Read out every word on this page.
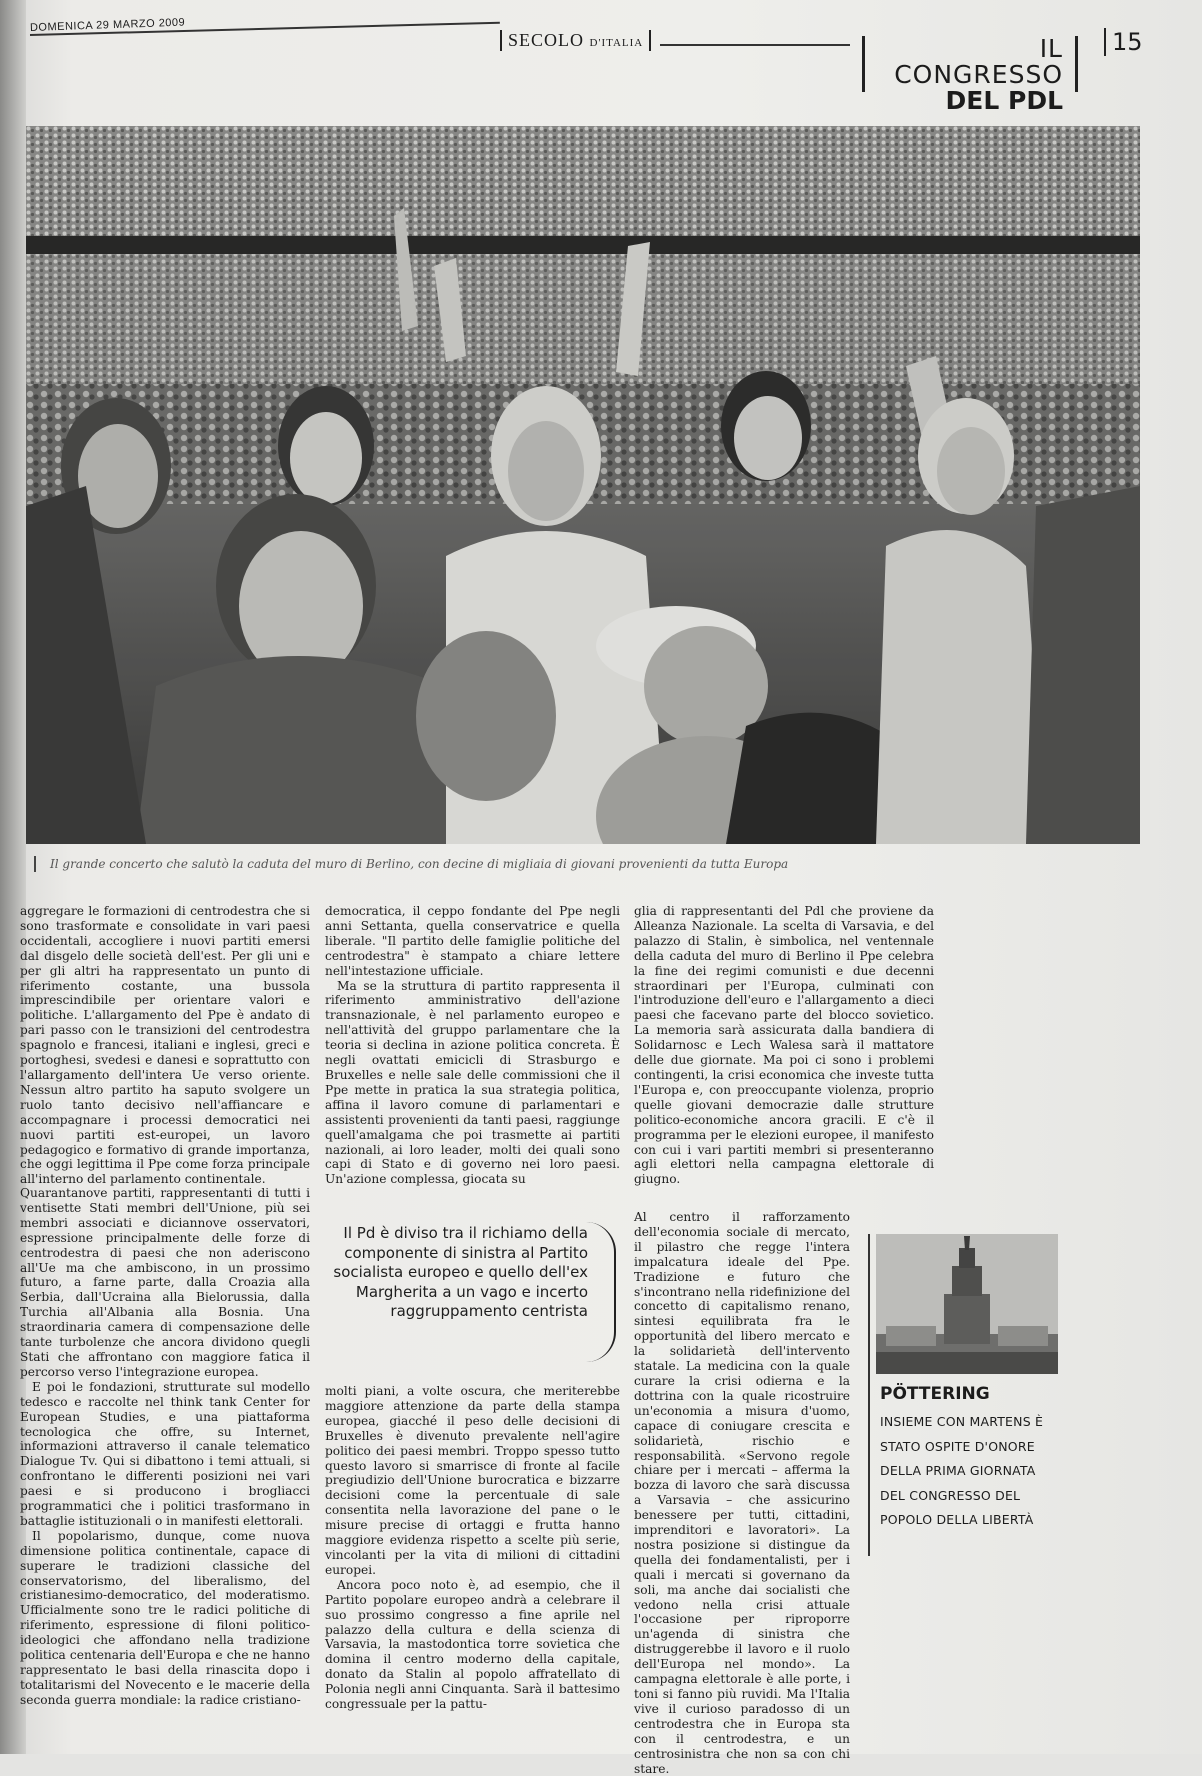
DOMENICA 29 MARZO 2009
SECOLO D'ITALIA	IL CONGRESSO
DEL PDL
15
Il grande concerto che salutò la caduta del muro di Berlino, con decine di migliaia di giovani provenienti da tutta Europa

aggregare le formazioni di centrodestra che si sono trasformate e consolidate in vari paesi occidentali, accogliere i nuovi partiti emersi dal disgelo delle società dell'est. Per gli uni e per gli altri ha rappresentato un punto di riferimento costante, una bussola imprescindibile per orientare valori e politiche. L'allargamento del Ppe è andato di pari passo con le transizioni del centrodestra spagnolo e francesi, italiani e inglesi, greci e portoghesi, svedesi e danesi e soprattutto con l'allargamento dell'intera Ue verso oriente. Nessun altro partito ha saputo svolgere un ruolo tanto decisivo nell'affiancare e accompagnare i processi democratici nei nuovi partiti est-europei, un lavoro pedagogico e formativo di grande importanza, che oggi legittima il Ppe come forza principale all'interno del parlamento continentale.

Quarantanove partiti, rappresentanti di tutti i ventisette Stati membri dell'Unione, più sei membri associati e diciannove osservatori, espressione principalmente delle forze di centrodestra di paesi che non aderiscono all'Ue ma che ambiscono, in un prossimo futuro, a farne parte, dalla Croazia alla Serbia, dall'Ucraina alla Bielorussia, dalla Turchia all'Albania alla Bosnia. Una straordinaria camera di compensazione delle tante turbolenze che ancora dividono quegli Stati che affrontano con maggiore fatica il percorso verso l'integrazione europea.

E poi le fondazioni, strutturate sul modello tedesco e raccolte nel think tank Center for European Studies, e una piattaforma tecnologica che offre, su Internet, informazioni attraverso il canale telematico Dialogue Tv. Qui si dibattono i temi attuali, si confrontano le differenti posizioni nei vari paesi e si producono i brogliacci programmatici che i politici trasformano in battaglie istituzionali o in manifesti elettorali.

Il popolarismo, dunque, come nuova dimensione politica continentale, capace di superare le tradizioni classiche del conservatorismo, del liberalismo, del cristianesimo-democratico, del moderatismo. Ufficialmente sono tre le radici politiche di riferimento, espressione di filoni politico-ideologici che affondano nella tradizione politica centenaria dell'Europa e che ne hanno rappresentato le basi della rinascita dopo i totalitarismi del Novecento e le macerie della seconda guerra mondiale: la radice cristiano-

democratica, il ceppo fondante del Ppe negli anni Settanta, quella conservatrice e quella liberale. "Il partito delle famiglie politiche del centrodestra" è stampato a chiare lettere nell'intestazione ufficiale.

Ma se la struttura di partito rappresenta il riferimento amministrativo dell'azione transnazionale, è nel parlamento europeo e nell'attività del gruppo parlamentare che la teoria si declina in azione politica concreta. È negli ovattati emicicli di Strasburgo e Bruxelles e nelle sale delle commissioni che il Ppe mette in pratica la sua strategia politica, affina il lavoro comune di parlamentari e assistenti provenienti da tanti paesi, raggiunge quell'amalgama che poi trasmette ai partiti nazionali, ai loro leader, molti dei quali sono capi di Stato e di governo nei loro paesi. Un'azione complessa, giocata su

Il Pd è diviso tra il richiamo della componente di sinistra al Partito socialista europeo e quello dell'ex Margherita a un vago e incerto raggruppamento centrista

molti piani, a volte oscura, che meriterebbe maggiore attenzione da parte della stampa europea, giacché il peso delle decisioni di Bruxelles è divenuto prevalente nell'agire politico dei paesi membri. Troppo spesso tutto questo lavoro si smarrisce di fronte al facile pregiudizio dell'Unione burocratica e bizzarre decisioni come la percentuale di sale consentita nella lavorazione del pane o le misure precise di ortaggi e frutta hanno maggiore evidenza rispetto a scelte più serie, vincolanti per la vita di milioni di cittadini europei.

Ancora poco noto è, ad esempio, che il Partito popolare europeo andrà a celebrare il suo prossimo congresso a fine aprile nel palazzo della cultura e della scienza di Varsavia, la mastodontica torre sovietica che domina il centro moderno della capitale, donato da Stalin al popolo affratellato di Polonia negli anni Cinquanta. Sarà il battesimo congressuale per la pattu-

glia di rappresentanti del Pdl che proviene da Alleanza Nazionale. La scelta di Varsavia, e del palazzo di Stalin, è simbolica, nel ventennale della caduta del muro di Berlino il Ppe celebra la fine dei regimi comunisti e due decenni straordinari per l'Europa, culminati con l'introduzione dell'euro e l'allargamento a dieci paesi che facevano parte del blocco sovietico. La memoria sarà assicurata dalla bandiera di Solidarnosc e Lech Walesa sarà il mattatore delle due giornate. Ma poi ci sono i problemi contingenti, la crisi economica che investe tutta l'Europa e, con preoccupante violenza, proprio quelle giovani democrazie dalle strutture politico-economiche ancora gracili. E c'è il programma per le elezioni europee, il manifesto con cui i vari partiti membri si presenteranno agli elettori nella campagna elettorale di giugno.

Al centro il rafforzamento dell'economia sociale di mercato, il pilastro che regge l'intera impalcatura ideale del Ppe. Tradizione e futuro che s'incontrano nella ridefinizione del concetto di capitalismo renano, sintesi equilibrata fra le opportunità del libero mercato e la solidarietà dell'intervento statale. La medicina con la quale curare la crisi odierna e la dottrina con la quale ricostruire un'economia a misura d'uomo, capace di coniugare crescita e solidarietà, rischio e responsabilità. «Servono regole chiare per i mercati – afferma la bozza di lavoro che sarà discussa a Varsavia – che assicurino benessere per tutti, cittadini, imprenditori e lavoratori». La nostra posizione si distingue da quella dei fondamentalisti, per i quali i mercati si governano da soli, ma anche dai socialisti che vedono nella crisi attuale l'occasione per riproporre un'agenda di sinistra che distruggerebbe il lavoro e il ruolo dell'Europa nel mondo». La campagna elettorale è alle porte, i toni si fanno più ruvidi. Ma l'Italia vive il curioso paradosso di un centrodestra che in Europa sta con il centrodestra, e un centrosinistra che non sa con chi stare.

PÖTTERING
INSIEME CON MARTENS È STATO OSPITE D'ONORE DELLA PRIMA GIORNATA DEL CONGRESSO DEL POPOLO DELLA LIBERTÀ
